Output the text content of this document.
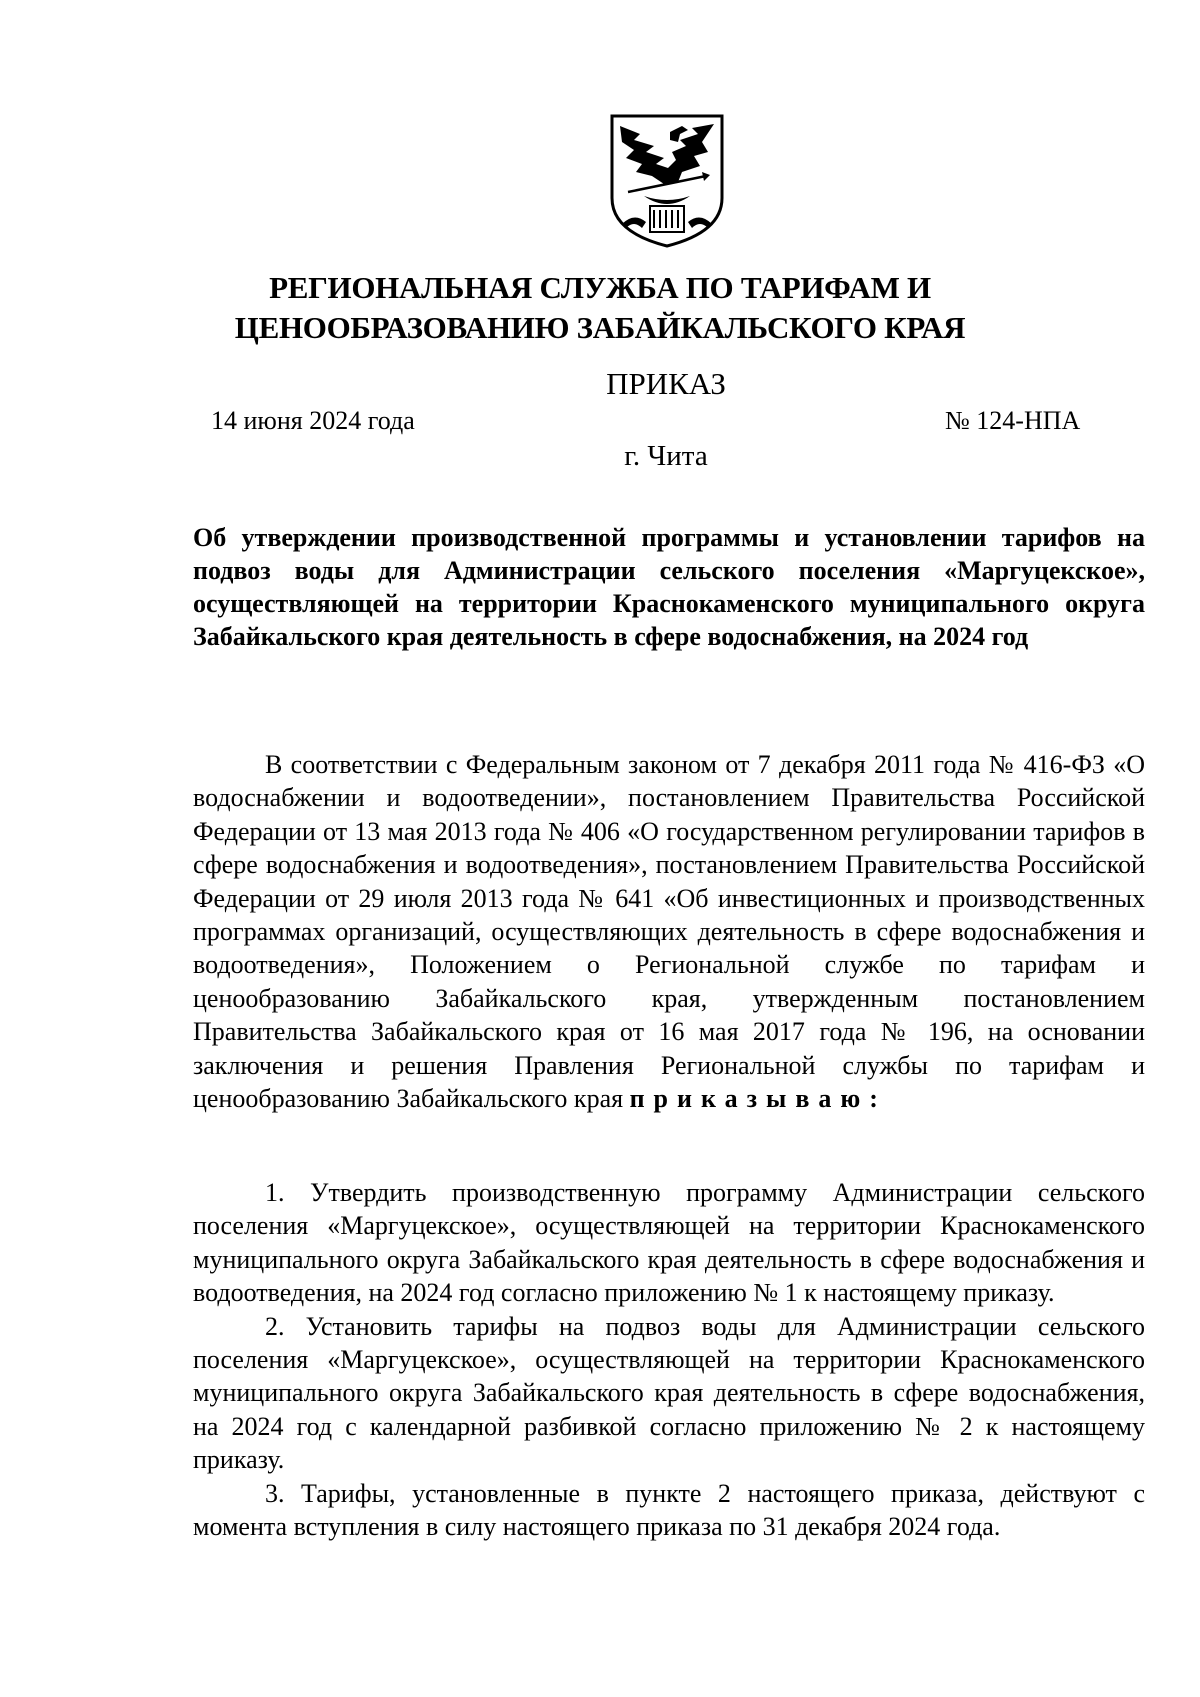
РЕГИОНАЛЬНАЯ СЛУЖБА ПО ТАРИФАМ И
ЦЕНООБРАЗОВАНИЮ ЗАБАЙКАЛЬСКОГО КРАЯ
ПРИКАЗ
14 июня 2024 года	№ 124-НПА
г. Чита
Об утверждении производственной программы и установлении тарифов на подвоз воды для Администрации сельского поселения «Маргуцекское», осуществляющей на территории Краснокаменского муниципального округа Забайкальского края деятельность в сфере водоснабжения, на 2024 год
В соответствии с Федеральным законом от 7 декабря 2011 года № 416-ФЗ «О водоснабжении и водоотведении», постановлением Правительства Российской Федерации от 13 мая 2013 года № 406 «О государственном регулировании тарифов в сфере водоснабжения и водоотведения», постановлением Правительства Российской Федерации от 29 июля 2013 года № 641 «Об инвестиционных и производственных программах организаций, осуществляющих деятельность в сфере водоснабжения и водоотведения», Положением о Региональной службе по тарифам и ценообразованию Забайкальского края, утвержденным постановлением Правительства Забайкальского края от 16 мая 2017 года № 196, на основании заключения и решения Правления Региональной службы по тарифам и ценообразованию Забайкальского края приказываю:

1. Утвердить производственную программу Администрации сельского поселения «Маргуцекское», осуществляющей на территории Краснокаменского муниципального округа Забайкальского края деятельность в сфере водоснабжения и водоотведения, на 2024 год согласно приложению № 1 к настоящему приказу.

2. Установить тарифы на подвоз воды для Администрации сельского поселения «Маргуцекское», осуществляющей на территории Краснокаменского муниципального округа Забайкальского края деятельность в сфере водоснабжения, на 2024 год с календарной разбивкой согласно приложению № 2 к настоящему приказу.

3. Тарифы, установленные в пункте 2 настоящего приказа, действуют с момента вступления в силу настоящего приказа по 31 декабря 2024 года.
